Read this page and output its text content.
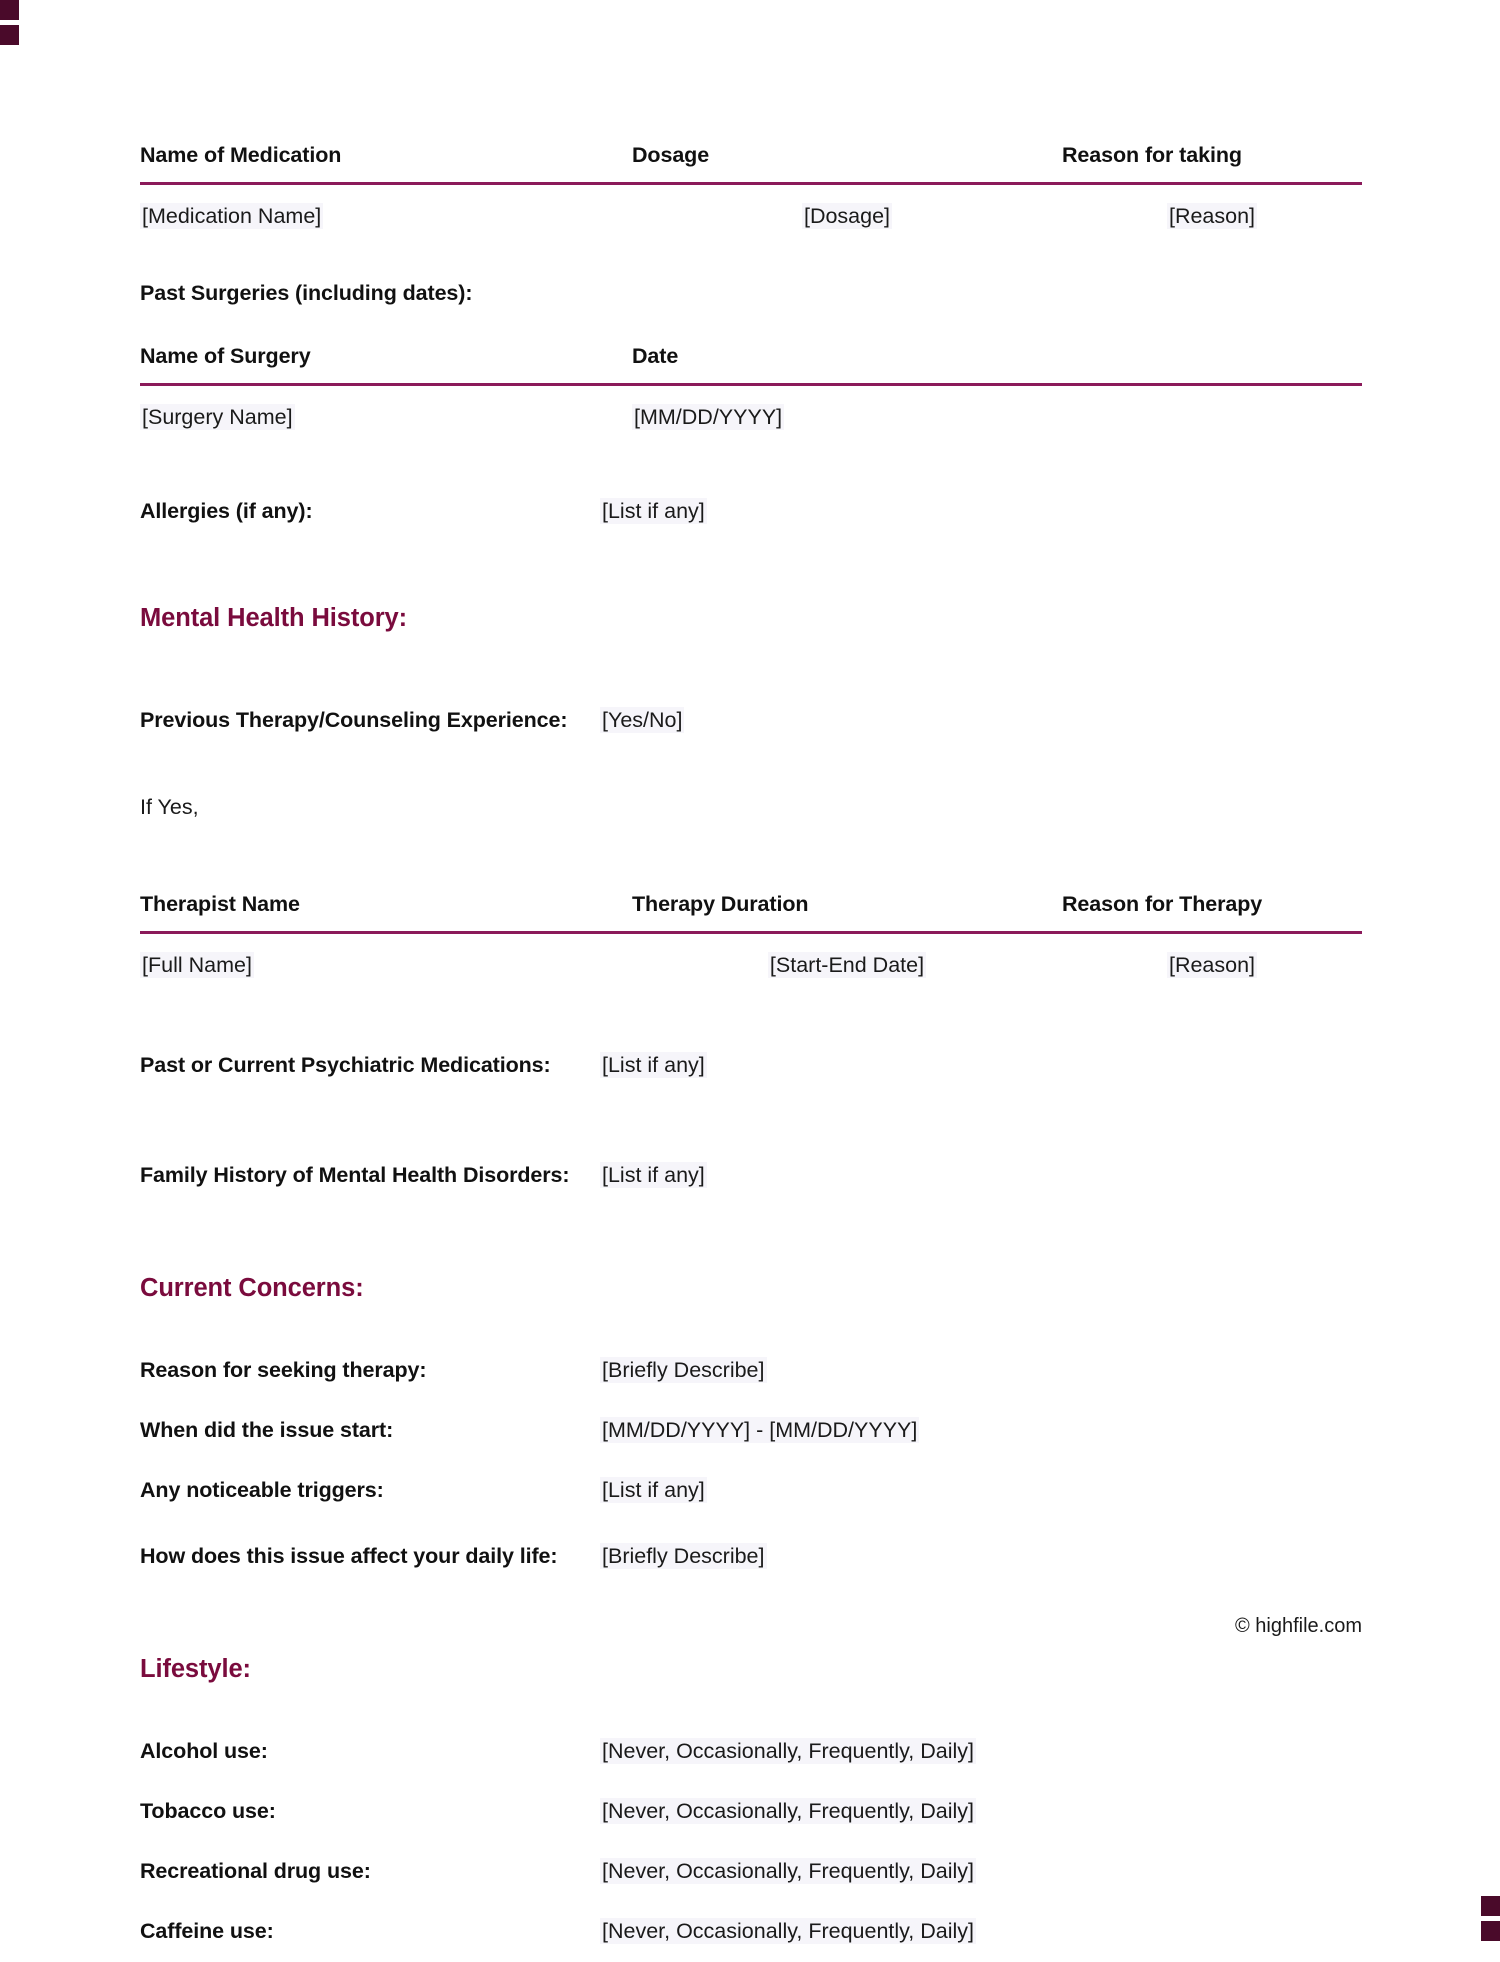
Name of Medication	Dosage	Reason for taking
[Medication Name]	[Dosage]	[Reason]
Past Surgeries (including dates):
Name of Surgery	Date
[Surgery Name]	[MM/DD/YYYY]
Allergies (if any):	[List if any]
Mental Health History:
Previous Therapy/Counseling Experience:	[Yes/No]
If Yes,
Therapist Name	Therapy Duration	Reason for Therapy
[Full Name]	[Start-End Date]	[Reason]
Past or Current Psychiatric Medications:	[List if any]
Family History of Mental Health Disorders:	[List if any]
Current Concerns:
Reason for seeking therapy:	[Briefly Describe]
When did the issue start:	[MM/DD/YYYY] - [MM/DD/YYYY]
Any noticeable triggers:	[List if any]
How does this issue affect your daily life:	[Briefly Describe]
Lifestyle:
Alcohol use:	[Never, Occasionally, Frequently, Daily]
Tobacco use:	[Never, Occasionally, Frequently, Daily]
Recreational drug use:	[Never, Occasionally, Frequently, Daily]
Caffeine use:	[Never, Occasionally, Frequently, Daily]
© highfile.com
